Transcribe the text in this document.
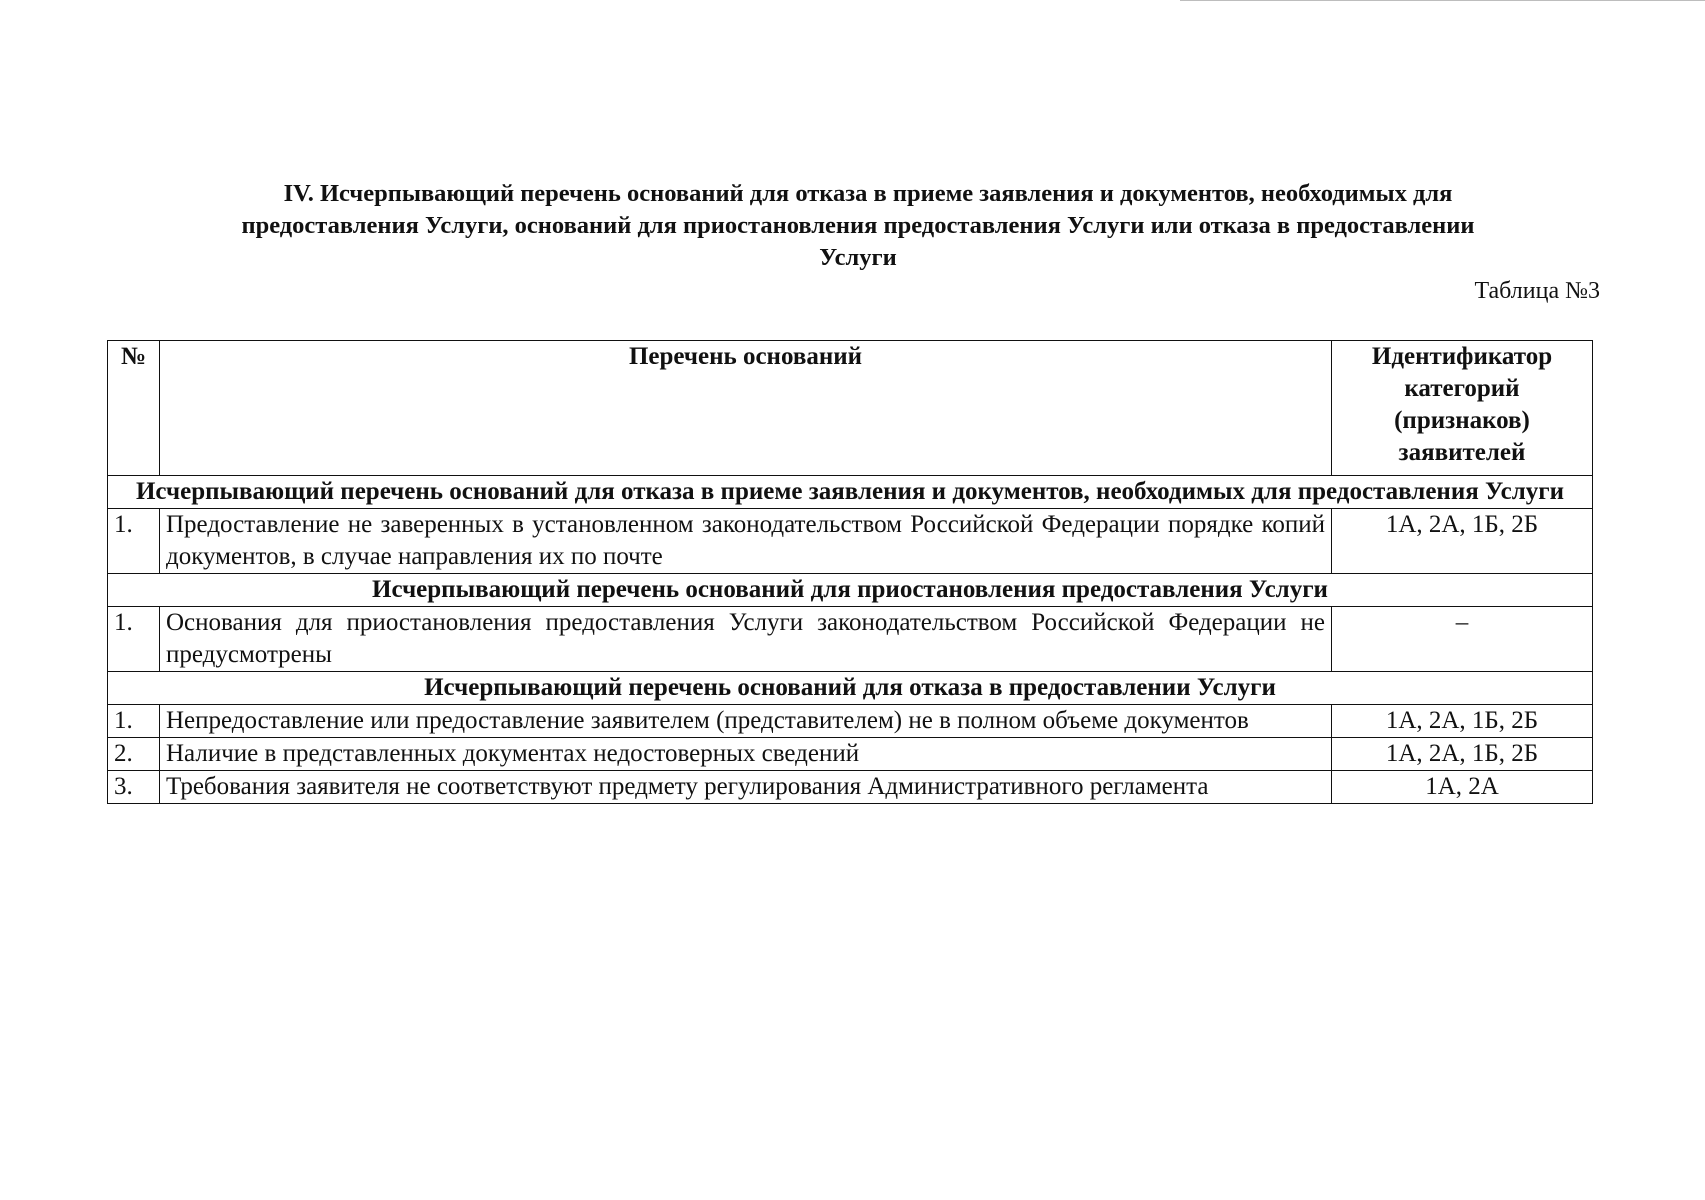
IV. Исчерпывающий перечень оснований для отказа в приеме заявления и документов, необходимых для
предоставления Услуги, оснований для приостановления предоставления Услуги или отказа в предоставлении
Услуги
Таблица №3
№	Перечень оснований	Идентификатор категорий (признаков) заявителей
Исчерпывающий перечень оснований для отказа в приеме заявления и документов, необходимых для предоставления Услуги		
1.	Предоставление не заверенных в установленном законодательством Российской Федерации порядке копий документов, в случае направления их по почте	1А, 2А, 1Б, 2Б
Исчерпывающий перечень оснований для приостановления предоставления Услуги		
1.	Основания для приостановления предоставления Услуги законодательством Российской Федерации не предусмотрены	–
Исчерпывающий перечень оснований для отказа в предоставлении Услуги		
1.	Непредоставление или предоставление заявителем (представителем) не в полном объеме документов	1А, 2А, 1Б, 2Б
2.	Наличие в представленных документах недостоверных сведений	1А, 2А, 1Б, 2Б
3.	Требования заявителя не соответствуют предмету регулирования Административного регламента	1А, 2А
